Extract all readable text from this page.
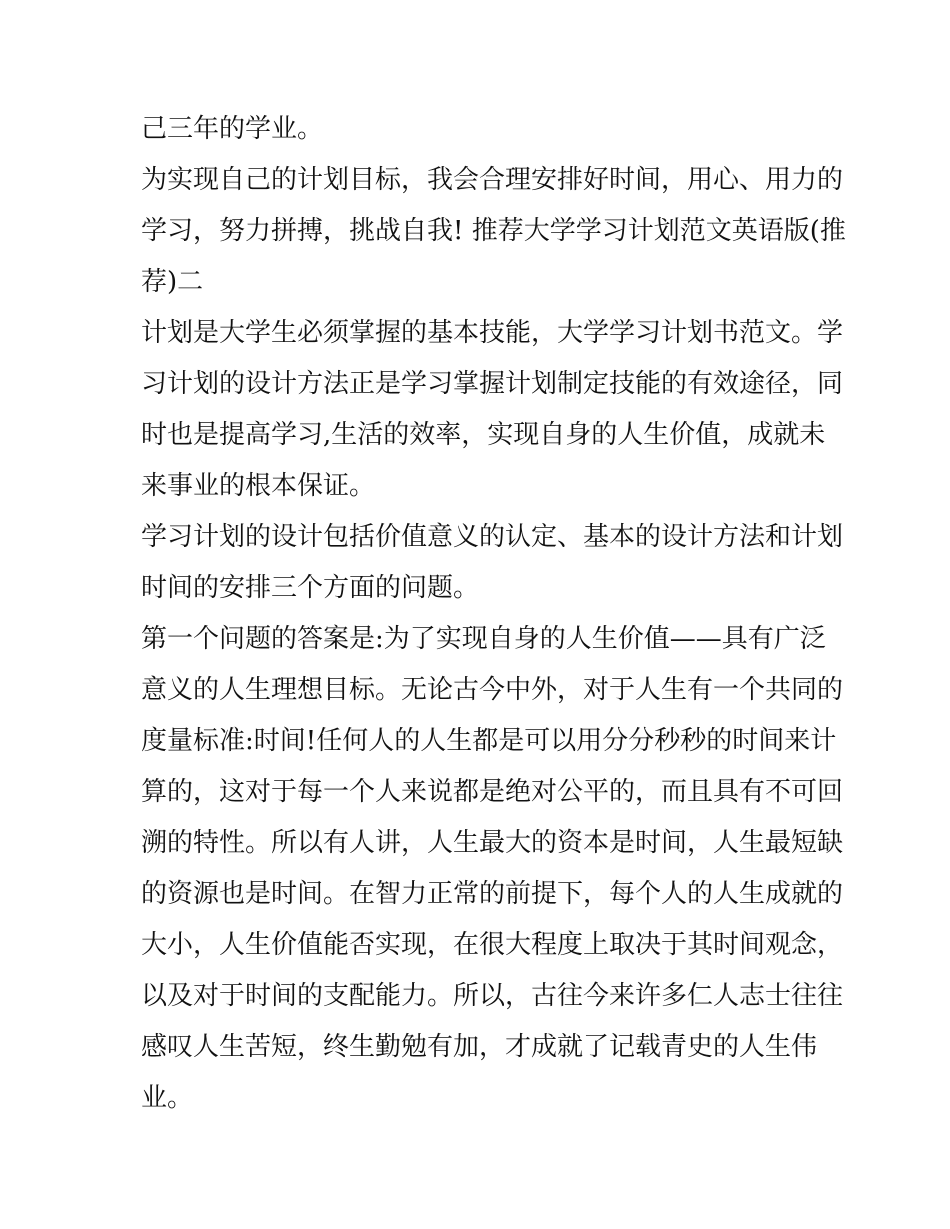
己三年的学业。
为实现自己的计划目标，我会合理安排好时间，用心、用力的
学习，努力拼搏，挑战自我! 推荐大学学习计划范文英语版(推
荐)二
计划是大学生必须掌握的基本技能，大学学习计划书范文。学
习计划的设计方法正是学习掌握计划制定技能的有效途径，同
时也是提高学习,生活的效率，实现自身的人生价值，成就未
来事业的根本保证。
学习计划的设计包括价值意义的认定、基本的设计方法和计划
时间的安排三个方面的问题。
第一个问题的答案是:为了实现自身的人生价值——具有广泛
意义的人生理想目标。无论古今中外，对于人生有一个共同的
度量标准:时间!任何人的人生都是可以用分分秒秒的时间来计
算的，这对于每一个人来说都是绝对公平的，而且具有不可回
溯的特性。所以有人讲，人生最大的资本是时间，人生最短缺
的资源也是时间。在智力正常的前提下，每个人的人生成就的
大小，人生价值能否实现，在很大程度上取决于其时间观念，
以及对于时间的支配能力。所以，古往今来许多仁人志士往往
感叹人生苦短，终生勤勉有加，才成就了记载青史的人生伟
业。
